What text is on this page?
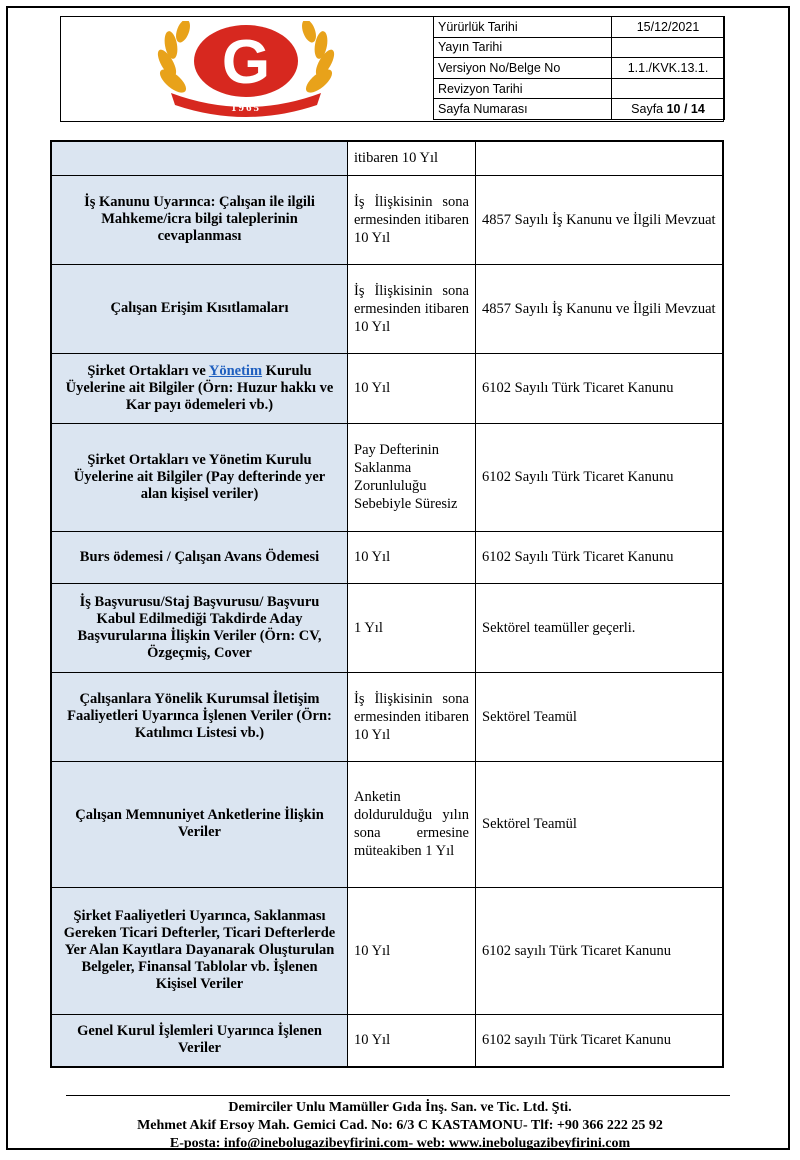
G
1965
Yürürlük Tarihi	15/12/2021
Yayın Tarihi	
Versiyon No/Belge No	1.1./KVK.13.1.
Revizyon Tarihi	
Sayfa Numarası	Sayfa 10 / 14
	itibaren 10 Yıl	
İş Kanunu Uyarınca: Çalışan ile ilgili Mahkeme/icra bilgi taleplerinin cevaplanması	İş İlişkisinin sona ermesinden itibaren 10 Yıl	4857 Sayılı İş Kanunu ve İlgili Mevzuat
Çalışan Erişim Kısıtlamaları	İş İlişkisinin sona ermesinden itibaren 10 Yıl	4857 Sayılı İş Kanunu ve İlgili Mevzuat
Şirket Ortakları ve Yönetim Kurulu Üyelerine ait Bilgiler (Örn: Huzur hakkı ve Kar payı ödemeleri vb.)	10 Yıl	6102 Sayılı Türk Ticaret Kanunu
Şirket Ortakları ve Yönetim Kurulu Üyelerine ait Bilgiler (Pay defterinde yer alan kişisel veriler)	Pay Defterinin Saklanma Zorunluluğu Sebebiyle Süresiz	6102 Sayılı Türk Ticaret Kanunu
Burs ödemesi / Çalışan Avans Ödemesi	10 Yıl	6102 Sayılı Türk Ticaret Kanunu
İş Başvurusu/Staj Başvurusu/ Başvuru Kabul Edilmediği Takdirde Aday Başvurularına İlişkin Veriler (Örn: CV, Özgeçmiş, Cover	1 Yıl	Sektörel teamüller geçerli.
Çalışanlara Yönelik Kurumsal İletişim Faaliyetleri Uyarınca İşlenen Veriler (Örn: Katılımcı Listesi vb.)	İş İlişkisinin sona ermesinden itibaren 10 Yıl	Sektörel Teamül
Çalışan Memnuniyet Anketlerine İlişkin Veriler	Anketin doldurulduğu yılın sona ermesine müteakiben 1 Yıl	Sektörel Teamül
Şirket Faaliyetleri Uyarınca, Saklanması Gereken Ticari Defterler, Ticari Defterlerde Yer Alan Kayıtlara Dayanarak Oluşturulan Belgeler, Finansal Tablolar vb. İşlenen Kişisel Veriler	10 Yıl	6102 sayılı Türk Ticaret Kanunu
Genel Kurul İşlemleri Uyarınca İşlenen Veriler	10 Yıl	6102 sayılı Türk Ticaret Kanunu
Demirciler Unlu Mamüller Gıda İnş. San. ve Tic. Ltd. Şti.
Mehmet Akif Ersoy Mah. Gemici Cad. No: 6/3 C KASTAMONU- Tlf: +90 366 222 25 92
E-posta: info@inebolugazibeyfirini.com- web: www.inebolugazibeyfirini.com
